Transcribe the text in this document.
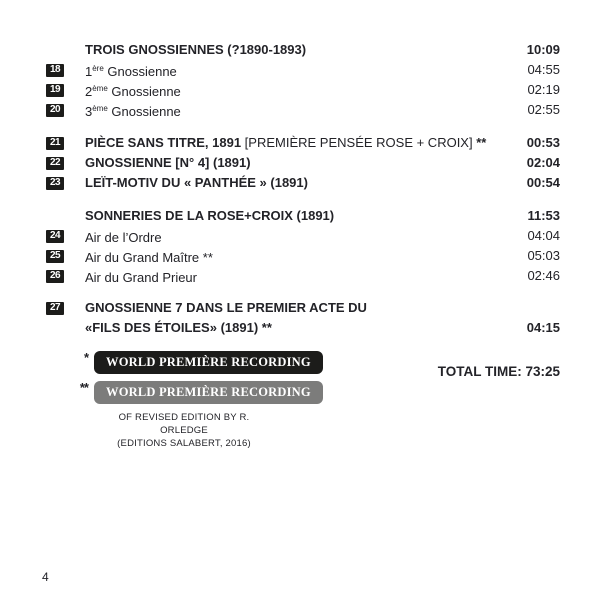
TROIS GNOSSIENNES (?1890-1893)	10:09
18	1ère Gnossienne	04:55
19	2ème Gnossienne	02:19
20	3ème Gnossienne	02:55
21	PIÈCE SANS TITRE, 1891 [PREMIÈRE PENSÉE ROSE + CROIX] **	00:53
22	GNOSSIENNE [N° 4] (1891)	02:04
23	LEÏT-MOTIV DU « PANTHÉE » (1891)	00:54
SONNERIES DE LA ROSE+CROIX (1891)	11:53
24	Air de l’Ordre	04:04
25	Air du Grand Maître **	05:03
26	Air du Grand Prieur	02:46
27	GNOSSIENNE 7 DANS LE PREMIER ACTE DU
«FILS DES ÉTOILES» (1891) **	04:15
*	WORLD PREMIÈRE RECORDING
**	WORLD PREMIÈRE RECORDING
OF REVISED EDITION BY R. ORLEDGE
(EDITIONS SALABERT, 2016)
TOTAL TIME: 73:25
4
